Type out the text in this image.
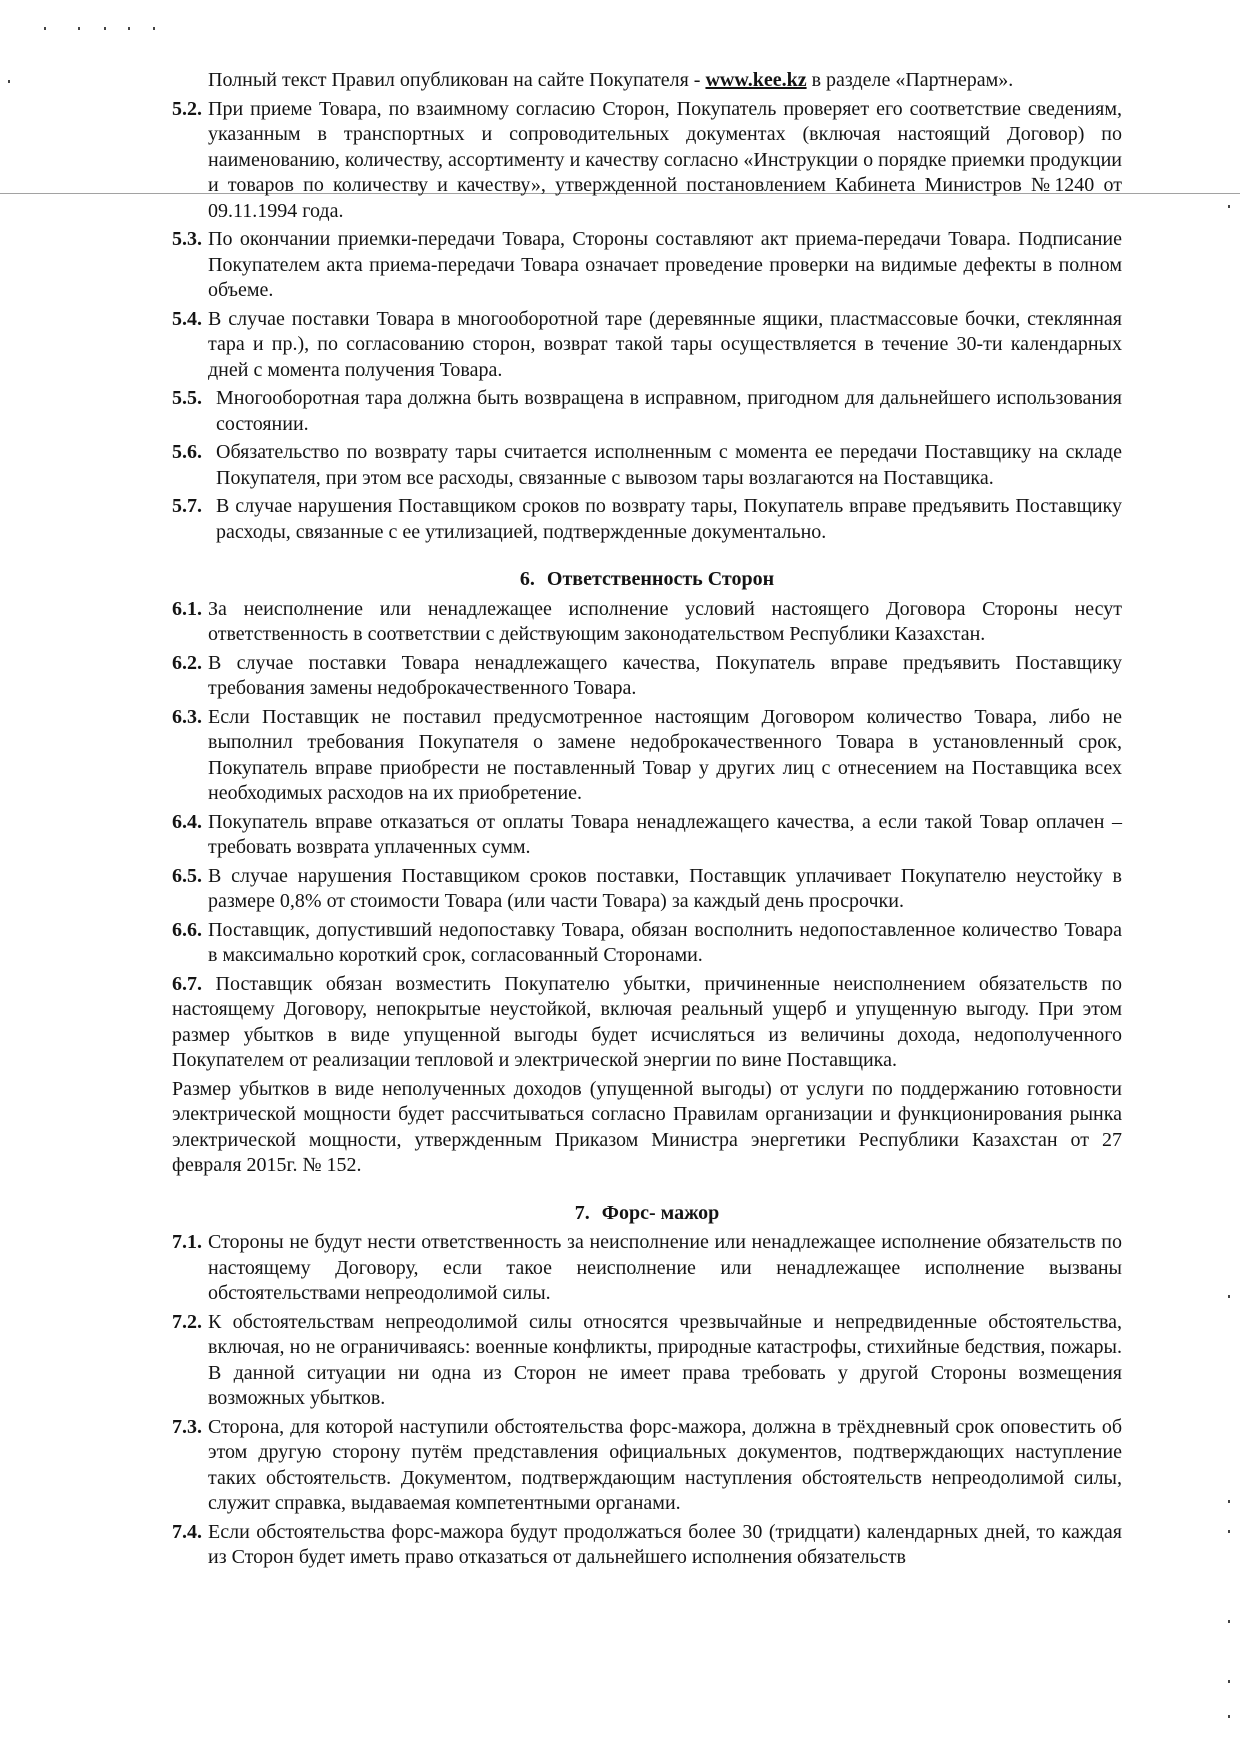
Полный текст Правил опубликован на сайте Покупателя - www.kee.kz в разделе «Партнерам».

5.2. При приеме Товара, по взаимному согласию Сторон, Покупатель проверяет его соответствие сведениям, указанным в транспортных и сопроводительных документах (включая настоящий Договор) по наименованию, количеству, ассортименту и качеству согласно «Инструкции о порядке приемки продукции и товаров по количеству и качеству», утвержденной постановлением Кабинета Министров №1240 от 09.11.1994 года.
5.3. По окончании приемки-передачи Товара, Стороны составляют акт приема-передачи Товара. Подписание Покупателем акта приема-передачи Товара означает проведение проверки на видимые дефекты в полном объеме.
5.4. В случае поставки Товара в многооборотной таре (деревянные ящики, пластмассовые бочки, стеклянная тара и пр.), по согласованию сторон, возврат такой тары осуществляется в течение 30-ти календарных дней с момента получения Товара.
5.5. Многооборотная тара должна быть возвращена в исправном, пригодном для дальнейшего использования состоянии.
5.6. Обязательство по возврату тары считается исполненным с момента ее передачи Поставщику на складе Покупателя, при этом все расходы, связанные с вывозом тары возлагаются на Поставщика.
5.7. В случае нарушения Поставщиком сроков по возврату тары, Покупатель вправе предъявить Поставщику расходы, связанные с ее утилизацией, подтвержденные документально.
6. Ответственность Сторон
6.1. За неисполнение или ненадлежащее исполнение условий настоящего Договора Стороны несут ответственность в соответствии с действующим законодательством Республики Казахстан.
6.2. В случае поставки Товара ненадлежащего качества, Покупатель вправе предъявить Поставщику требования замены недоброкачественного Товара.
6.3. Если Поставщик не поставил предусмотренное настоящим Договором количество Товара, либо не выполнил требования Покупателя о замене недоброкачественного Товара в установленный срок, Покупатель вправе приобрести не поставленный Товар у других лиц с отнесением на Поставщика всех необходимых расходов на их приобретение.
6.4. Покупатель вправе отказаться от оплаты Товара ненадлежащего качества, а если такой Товар оплачен – требовать возврата уплаченных сумм.
6.5. В случае нарушения Поставщиком сроков поставки, Поставщик уплачивает Покупателю неустойку в размере 0,8% от стоимости Товара (или части Товара) за каждый день просрочки.
6.6. Поставщик, допустивший недопоставку Товара, обязан восполнить недопоставленное количество Товара в максимально короткий срок, согласованный Сторонами.

6.7. Поставщик обязан возместить Покупателю убытки, причиненные неисполнением обязательств по настоящему Договору, непокрытые неустойкой, включая реальный ущерб и упущенную выгоду. При этом размер убытков в виде упущенной выгоды будет исчисляться из величины дохода, недополученного Покупателем от реализации тепловой и электрической энергии по вине Поставщика.

Размер убытков в виде неполученных доходов (упущенной выгоды) от услуги по поддержанию готовности электрической мощности будет рассчитываться согласно Правилам организации и функционирования рынка электрической мощности, утвержденным Приказом Министра энергетики Республики Казахстан от 27 февраля 2015г. № 152.

7. Форс- мажор
7.1. Стороны не будут нести ответственность за неисполнение или ненадлежащее исполнение обязательств по настоящему Договору, если такое неисполнение или ненадлежащее исполнение вызваны обстоятельствами непреодолимой силы.
7.2. К обстоятельствам непреодолимой силы относятся чрезвычайные и непредвиденные обстоятельства, включая, но не ограничиваясь: военные конфликты, природные катастрофы, стихийные бедствия, пожары. В данной ситуации ни одна из Сторон не имеет права требовать у другой Стороны возмещения возможных убытков.
7.3. Сторона, для которой наступили обстоятельства форс-мажора, должна в трёхдневный срок оповестить об этом другую сторону путём представления официальных документов, подтверждающих наступление таких обстоятельств. Документом, подтверждающим наступления обстоятельств непреодолимой силы, служит справка, выдаваемая компетентными органами.
7.4. Если обстоятельства форс-мажора будут продолжаться более 30 (тридцати) календарных дней, то каждая из Сторон будет иметь право отказаться от дальнейшего исполнения обязательств
